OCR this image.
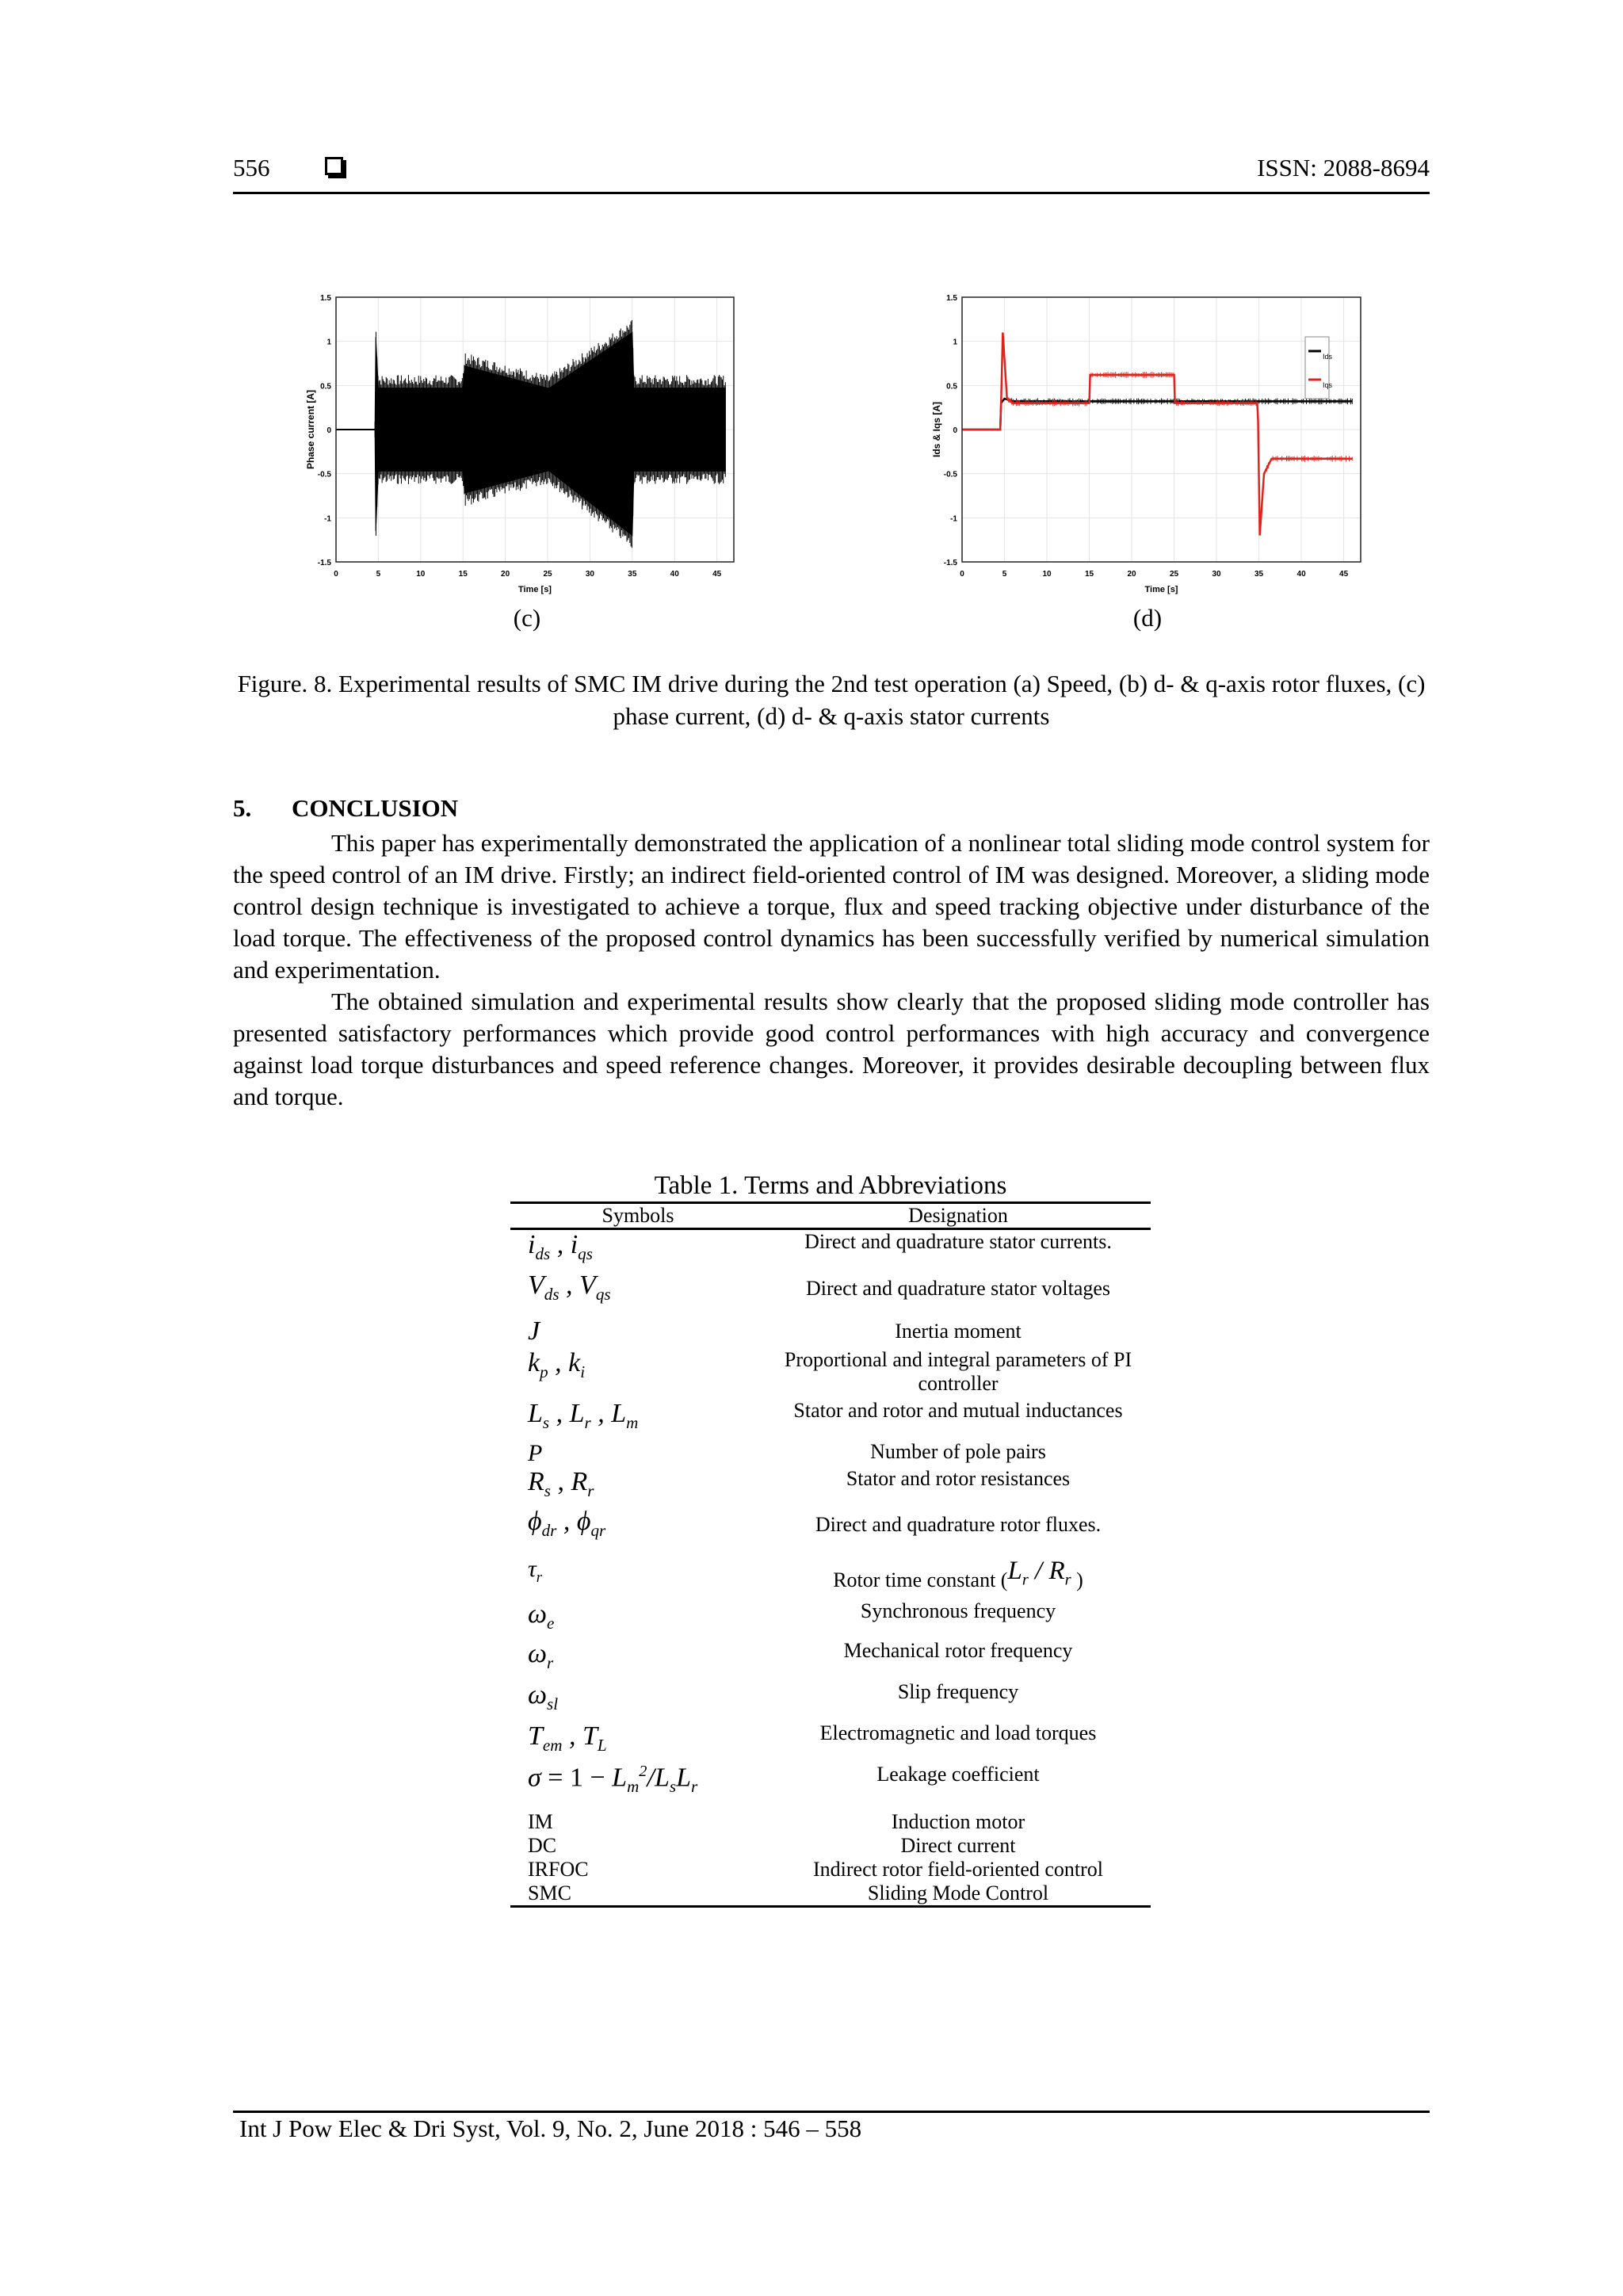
556	ISSN: 2088-8694
0	5	10	15	20	25	30	35	40	45
1.5
1
0.5
0
-0.5
-1
-1.5
Time [s]
Phase current [A]
0	5	10	15	20	25	30	35	40	45
1.5
1
0.5
0
-0.5
-1
-1.5
Time [s]
Ids & Iqs [A]
Ids
Iqs
(c)	(d)
Figure. 8. Experimental results of SMC IM drive during the 2nd test operation (a) Speed, (b) d- & q-axis rotor fluxes, (c) phase current, (d) d- & q-axis stator currents
5. CONCLUSION

This paper has experimentally demonstrated the application of a nonlinear total sliding mode control system for the speed control of an IM drive. Firstly; an indirect field-oriented control of IM was designed. Moreover, a sliding mode control design technique is investigated to achieve a torque, flux and speed tracking objective under disturbance of the load torque. The effectiveness of the proposed control dynamics has been successfully verified by numerical simulation and experimentation.

The obtained simulation and experimental results show clearly that the proposed sliding mode controller has presented satisfactory performances which provide good control performances with high accuracy and convergence against load torque disturbances and speed reference changes. Moreover, it provides desirable decoupling between flux and torque.

Table 1. Terms and Abbreviations
Symbols	Designation
$i_{ds}$ , $i_{qs}$	Direct and quadrature stator currents.
$V_{ds}$ , $V_{qs}$	Direct and quadrature stator voltages
J	Inertia moment
$k_p$ , $k_i$	Proportional and integral parameters of PI controller
$L_s$ , $L_r$ , $L_m$	Stator and rotor and mutual inductances
P	Number of pole pairs
$R_s$ , $R_r$	Stator and rotor resistances
$\phi_{dr}$ , $\phi_{qr}$	Direct and quadrature rotor fluxes.
$\tau_r$	Rotor time constant ($L_r / R_r$ )
$\omega_e$	Synchronous frequency
$\omega_r$	Mechanical rotor frequency
$\omega_{sl}$	Slip frequency
$T_{em}$ , $T_L$	Electromagnetic and load torques
$\sigma = 1 - L_m^2/L_sL_r$	Leakage coefficient
IM	Induction motor
DC	Direct current
IRFOC	Indirect rotor field-oriented control
SMC	Sliding Mode Control
Int J Pow Elec & Dri Syst, Vol. 9, No. 2, June 2018 : 546 – 558
